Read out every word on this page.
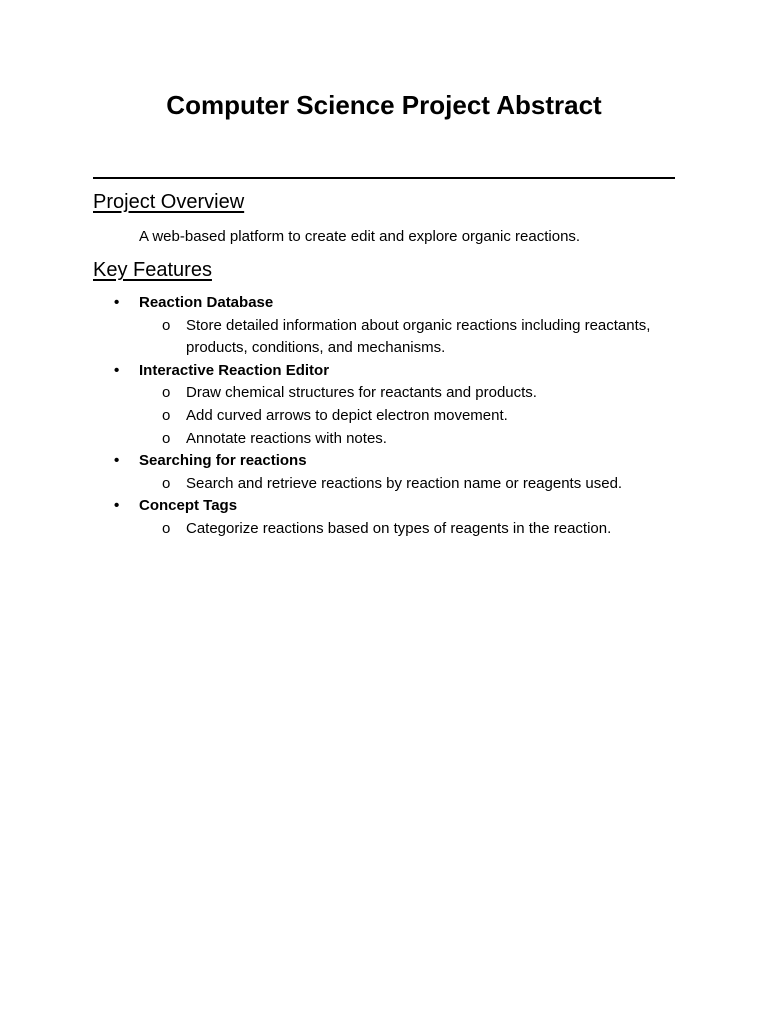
Computer Science Project Abstract
Project Overview

A web-based platform to create edit and explore organic reactions.

Key Features
• Reaction Database
o Store detailed information about organic reactions including reactants, products, conditions, and mechanisms.
• Interactive Reaction Editor
o Draw chemical structures for reactants and products.
o Add curved arrows to depict electron movement.
o Annotate reactions with notes.
• Searching for reactions
o Search and retrieve reactions by reaction name or reagents used.
• Concept Tags
o Categorize reactions based on types of reagents in the reaction.
